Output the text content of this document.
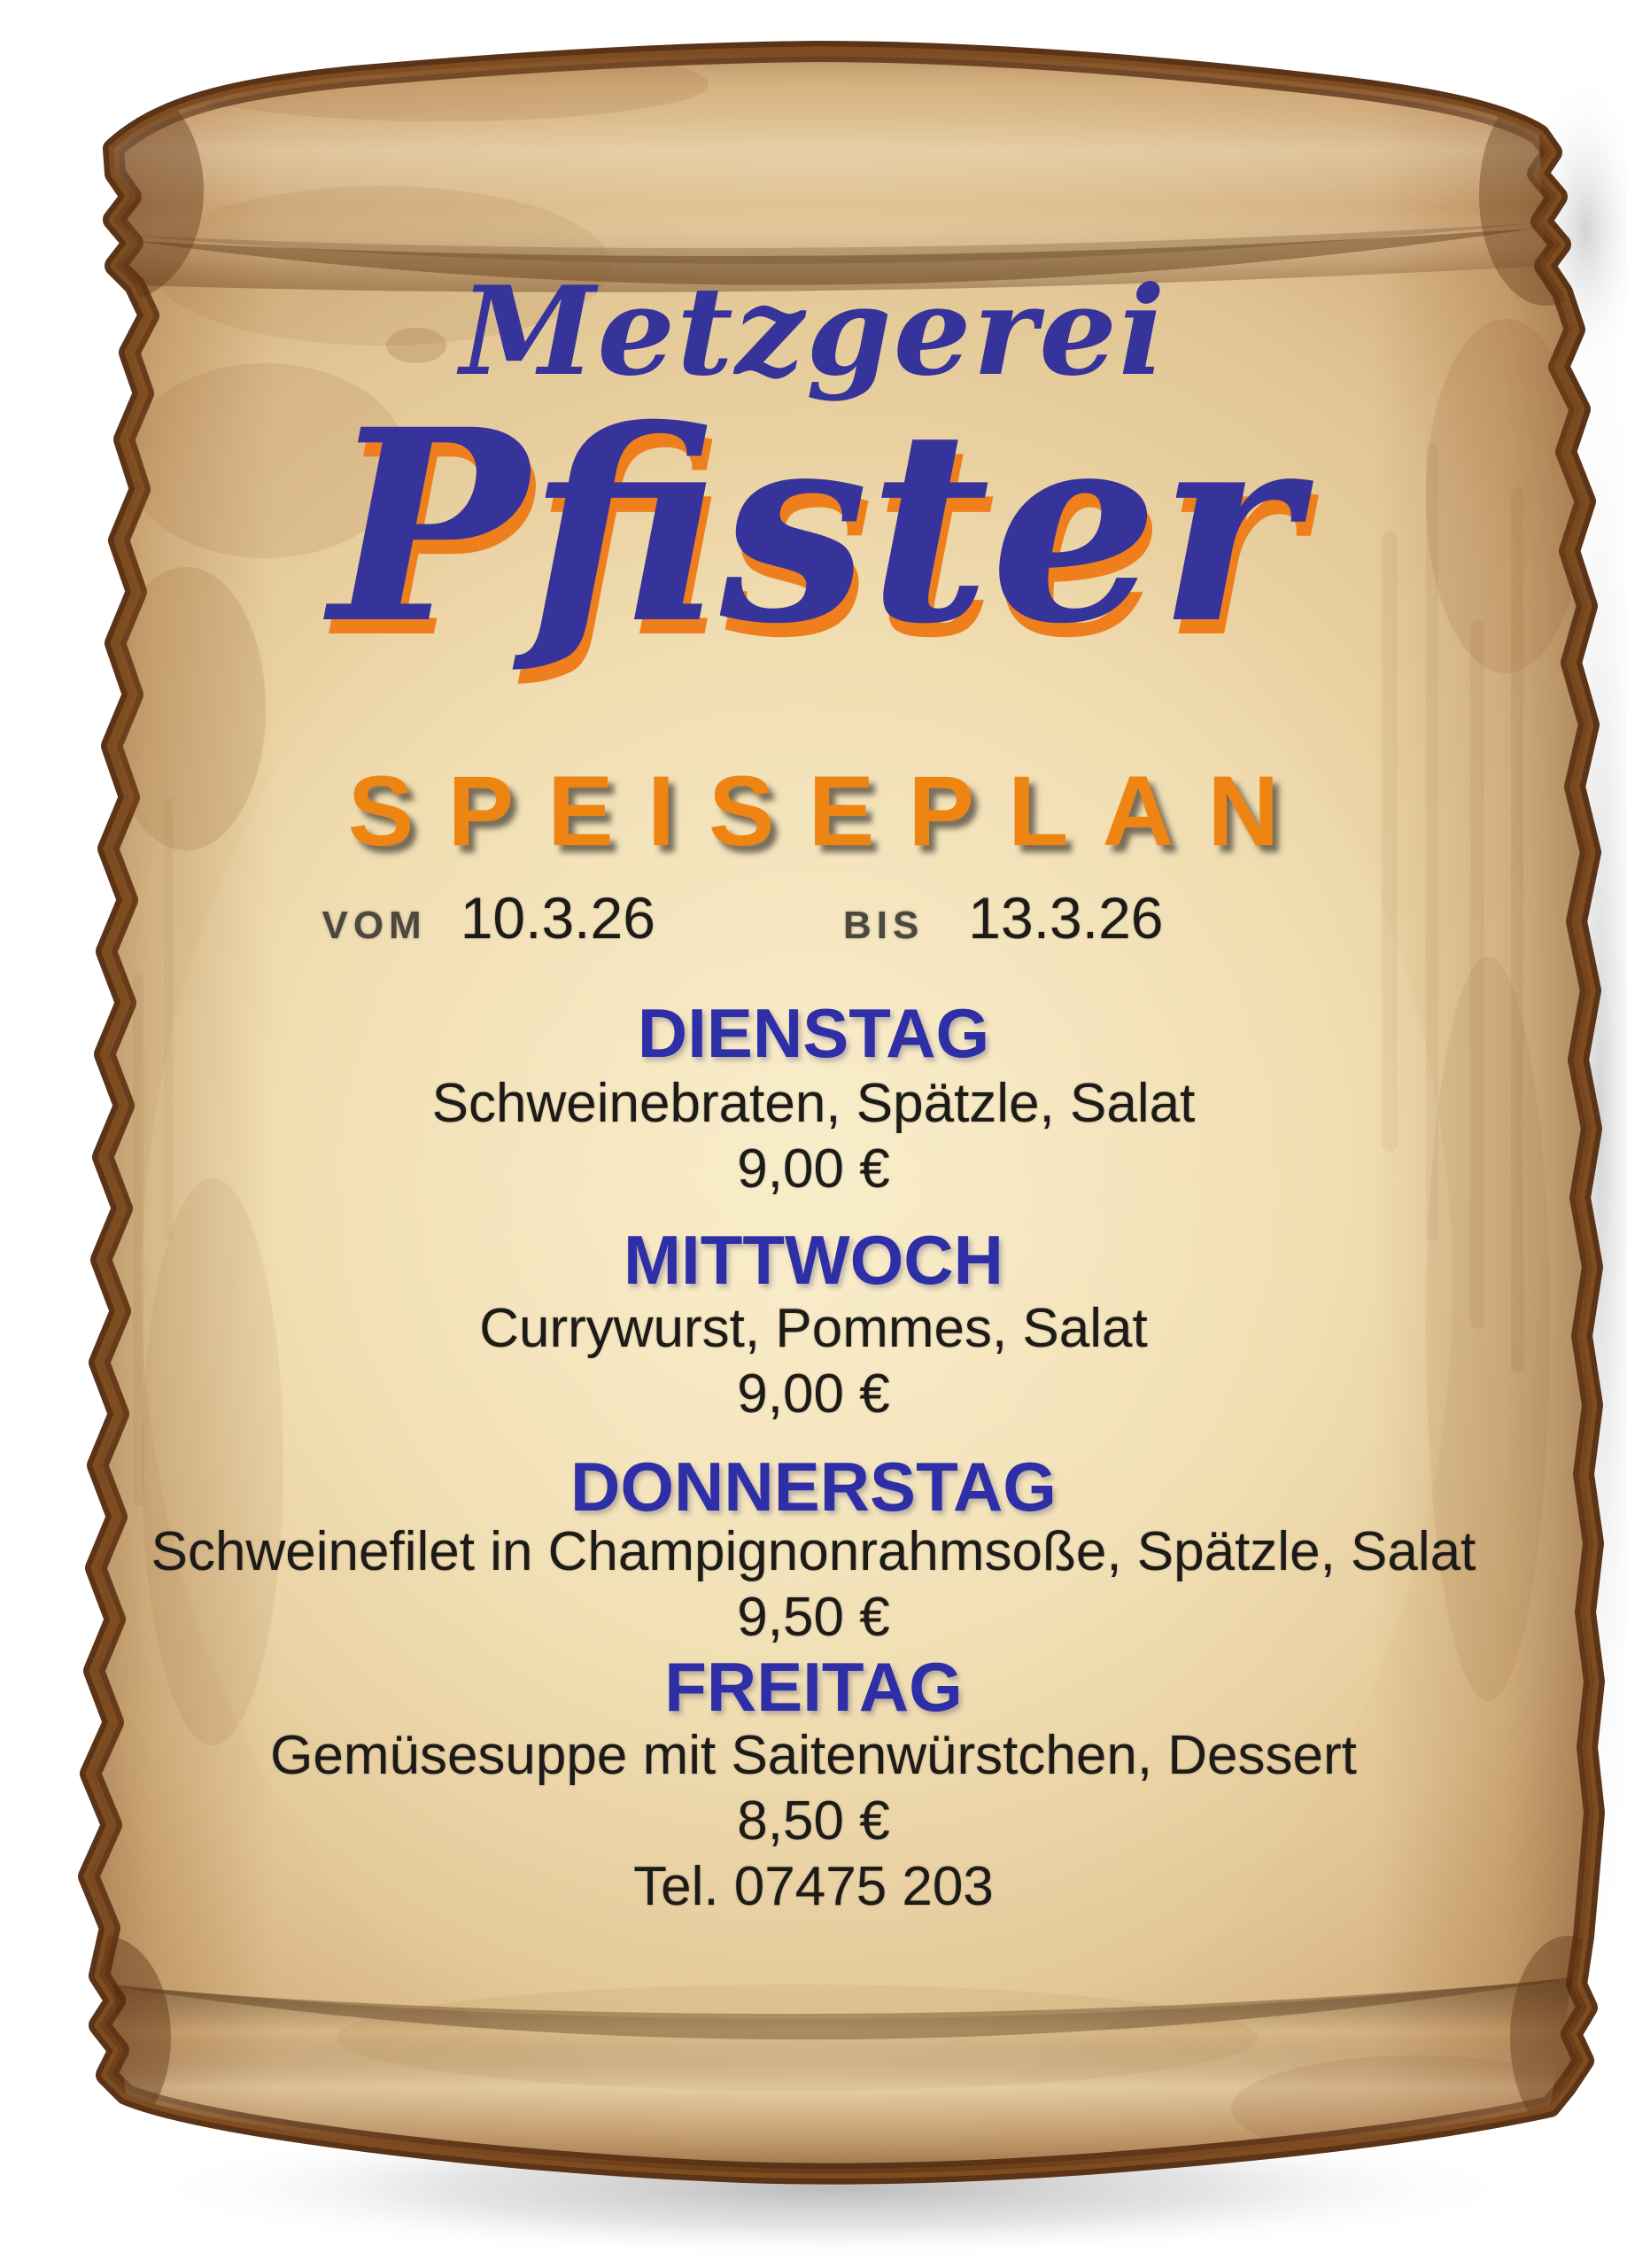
Metzgerei
Pfister
SPEISEPLAN
VOM 10.3.26	BIS 13.3.26
DIENSTAG
Schweinebraten, Spätzle, Salat
9,00 €
MITTWOCH
Currywurst, Pommes, Salat
9,00 €
DONNERSTAG
Schweinefilet in Champignonrahmsoße, Spätzle, Salat
9,50 €
FREITAG
Gemüsesuppe mit Saitenwürstchen, Dessert
8,50 €
Tel. 07475 203
